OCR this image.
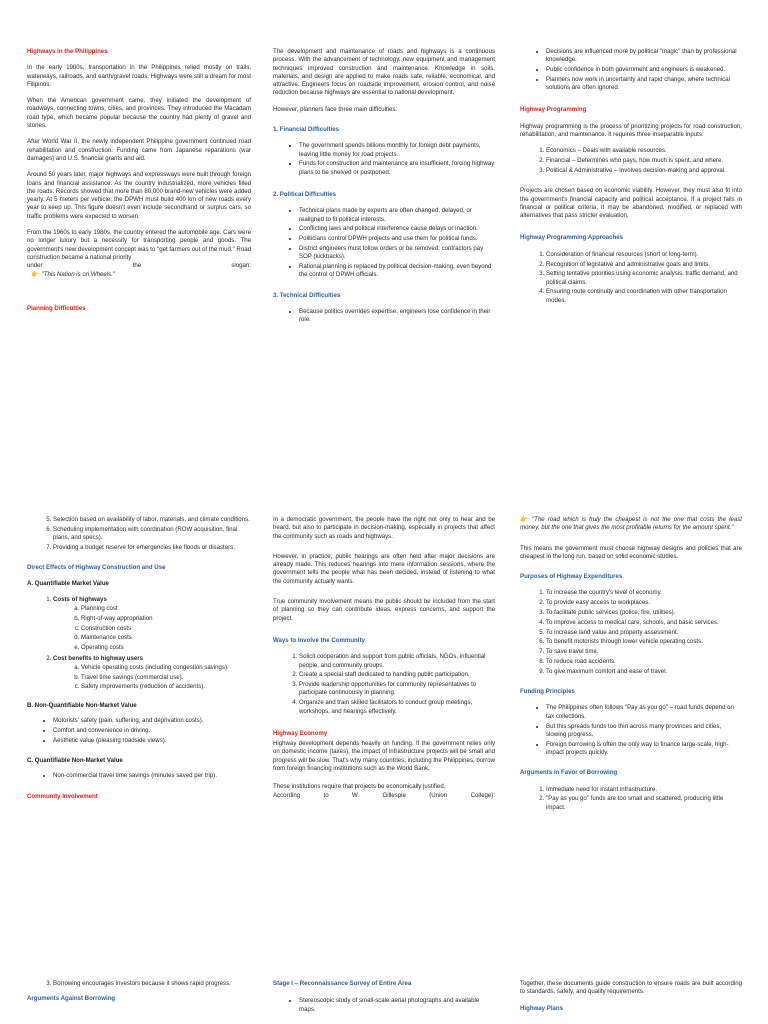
Highways in the Philippines

In the early 1900s, transportation in the Philippines relied mostly on trails, waterways, railroads, and earth/gravel roads. Highways were still a dream for most Filipinos.

When the American government came, they initiated the development of roadways, connecting towns, cities, and provinces. They introduced the Macadam road type, which became popular because the country had plenty of gravel and stones.

After World War II, the newly independent Philippine government continued road rehabilitation and construction. Funding came from Japanese reparations (war damages) and U.S. financial grants and aid.

Around 50 years later, major highways and expressways were built through foreign loans and financial assistance. As the country industrialized, more vehicles filled the roads. Records showed that more than 80,000 brand-new vehicles were added yearly. At 5 meters per vehicle, the DPWH must build 400 km of new roads every year to keep up. This figure doesn't even include secondhand or surplus cars, so traffic problems were expected to worsen.

From the 1960s to early 1980s, the country entered the automobile age. Cars were no longer luxury but a necessity for transporting people and goods. The government's new development concept was to "get farmers out of the mud." Road construction became a national priority

under	the	slogan:
👉 "This Nation is on Wheels."
Planning Difficulties

The development and maintenance of roads and highways is a continuous process. With the advancement of technology, new equipment and management techniques improved construction and maintenance. Knowledge in soils, materials, and design are applied to make roads safe, reliable, economical, and attractive. Engineers focus on roadside improvement, erosion control, and noise reduction because highways are essential to national development.

However, planners face three main difficulties:

1. Financial Difficulties
• The government spends billions monthly for foreign debt payments, leaving little money for road projects.
• Funds for construction and maintenance are insufficient, forcing highway plans to be shelved or postponed.
2. Political Difficulties
• Technical plans made by experts are often changed, delayed, or realigned to fit political interests.
• Conflicting laws and political interference cause delays or inaction.
• Politicians control DPWH projects and use them for political funds.
• District engineers must follow orders or be removed; contractors pay SOP (kickbacks).
• Rational planning is replaced by political decision-making, even beyond the control of DPWH officials.
3. Technical Difficulties
• Because politics overrides expertise, engineers lose confidence in their role.
• Decisions are influenced more by political "magic" than by professional knowledge.
• Public confidence in both government and engineers is weakened.
• Planners now work in uncertainty and rapid change, where technical solutions are often ignored.
Highway Programming

Highway programming is the process of prioritizing projects for road construction, rehabilitation, and maintenance. It requires three inseparable inputs:

1. Economics – Deals with available resources.
2. Financial – Determines who pays, how much is spent, and where.
3. Political & Administrative – Involves decision-making and approval.

Projects are chosen based on economic viability. However, they must also fit into the government's financial capacity and political acceptance. If a project fails in financial or political criteria, it may be abandoned, modified, or replaced with alternatives that pass stricter evaluation.

Highway Programming Approaches
1. Consideration of financial resources (short or long-term).
2. Recognition of legislative and administrative goals and limits.
3. Setting tentative priorities using economic analysis, traffic demand, and political claims.
4. Ensuring route continuity and coordination with other transportation modes.
5. Selection based on availability of labor, materials, and climate conditions.
6. Scheduling implementation with coordination (ROW acquisition, final plans, and specs).
7. Providing a budget reserve for emergencies like floods or disasters.
Direct Effects of Highway Construction and Use
A. Quantifiable Market Value
1. Costs of highways
a. Planning cost
b. Right-of-way appropriation
c. Construction costs
d. Maintenance costs
e. Operating costs
2. Cost benefits to highway users
a. Vehicle operating costs (including congestion savings).
b. Travel time savings (commercial use).
c. Safety improvements (reduction of accidents).
B. Non-Quantifiable Non-Market Value
• Motorists' safety (pain, suffering, and deprivation costs).
• Comfort and convenience in driving.
• Aesthetic value (pleasing roadside views).
C. Quantifiable Non-Market Value
• Non-commercial travel time savings (minutes saved per trip).
Community Involvement

In a democratic government, the people have the right not only to hear and be heard, but also to participate in decision-making, especially in projects that affect the community such as roads and highways.

However, in practice, public hearings are often held after major decisions are already made. This reduces hearings into mere information sessions, where the government tells the people what has been decided, instead of listening to what the community actually wants.

True community involvement means the public should be included from the start of planning so they can contribute ideas, express concerns, and support the project.

Ways to Involve the Community
1. Solicit cooperation and support from public officials, NGOs, influential people, and community groups.
2. Create a special staff dedicated to handling public participation.
3. Provide leadership opportunities for community representatives to participate continuously in planning.
4. Organize and train skilled facilitators to conduct group meetings, workshops, and hearings effectively.
Highway Economy

Highway development depends heavily on funding. If the government relies only on domestic income (taxes), the impact of infrastructure projects will be small and progress will be slow. That's why many countries, including the Philippines, borrow from foreign financing institutions such as the World Bank.

These institutions require that projects be economically justified.

According	to	W.	Gillespie	(Union	College):

👉 "The road which is truly the cheapest is not the one that costs the least money, but the one that gives the most profitable returns for the amount spent."

This means the government must choose highway designs and policies that are cheapest in the long run, based on solid economic studies.

Purposes of Highway Expenditures
1. To increase the country's level of economy.
2. To provide easy access to workplaces.
3. To facilitate public services (police, fire, utilities).
4. To improve access to medical care, schools, and basic services.
5. To increase land value and property assessment.
6. To benefit motorists through lower vehicle operating costs.
7. To save travel time.
8. To reduce road accidents.
9. To give maximum comfort and ease of travel.
Funding Principles
• The Philippines often follows "Pay as you go" – road funds depend on tax collections.
• But this spreads funds too thin across many provinces and cities, slowing progress.
• Foreign borrowing is often the only way to finance large-scale, high-impact projects quickly.
Arguments in Favor of Borrowing
1. Immediate need for instant infrastructure.
2. "Pay as you go" funds are too small and scattered, producing little impact.
3. Borrowing encourages investors because it shows rapid progress.
Arguments Against Borrowing
Stage I – Reconnaissance Survey of Entire Area
• Stereoscopic study of small-scale aerial photographs and available maps.

Together, these documents guide construction to ensure roads are built according to standards, safety, and quality requirements.

Highway Plans
